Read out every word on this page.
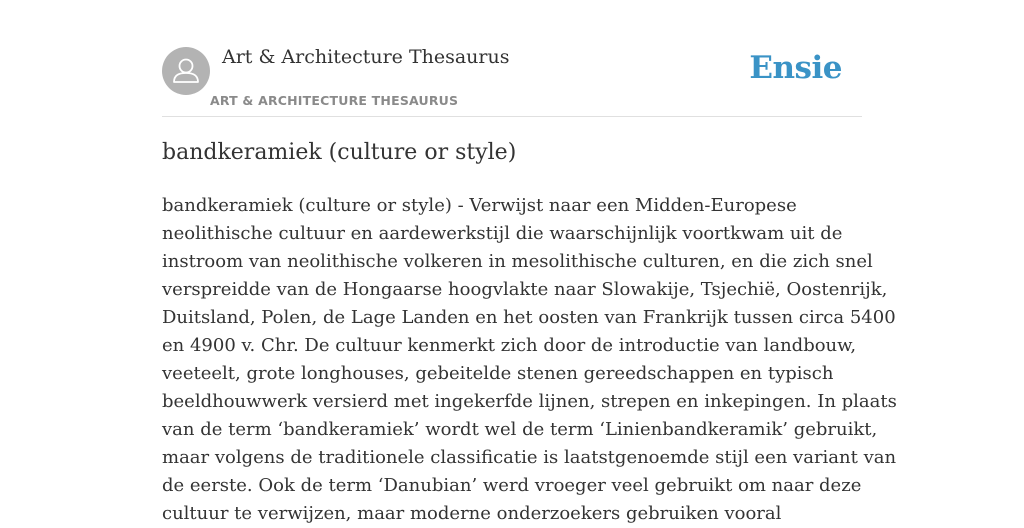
Art & Architecture Thesaurus
ART & ARCHITECTURE THESAURUS
Ensie
bandkeramiek (culture or style)
bandkeramiek (culture or style) - Verwijst naar een Midden-Europese
neolithische cultuur en aardewerkstijl die waarschijnlijk voortkwam uit de
instroom van neolithische volkeren in mesolithische culturen, en die zich snel
verspreidde van de Hongaarse hoogvlakte naar Slowakije, Tsjechië, Oostenrijk,
Duitsland, Polen, de Lage Landen en het oosten van Frankrijk tussen circa 5400
en 4900 v. Chr. De cultuur kenmerkt zich door de introductie van landbouw,
veeteelt, grote longhouses, gebeitelde stenen gereedschappen en typisch
beeldhouwwerk versierd met ingekerfde lijnen, strepen en inkepingen. In plaats
van de term ‘bandkeramiek’ wordt wel de term ‘Linienbandkeramik’ gebruikt,
maar volgens de traditionele classificatie is laatstgenoemde stijl een variant van
de eerste. Ook de term ‘Danubian’ werd vroeger veel gebruikt om naar deze
cultuur te verwijzen, maar moderne onderzoekers gebruiken vooral
